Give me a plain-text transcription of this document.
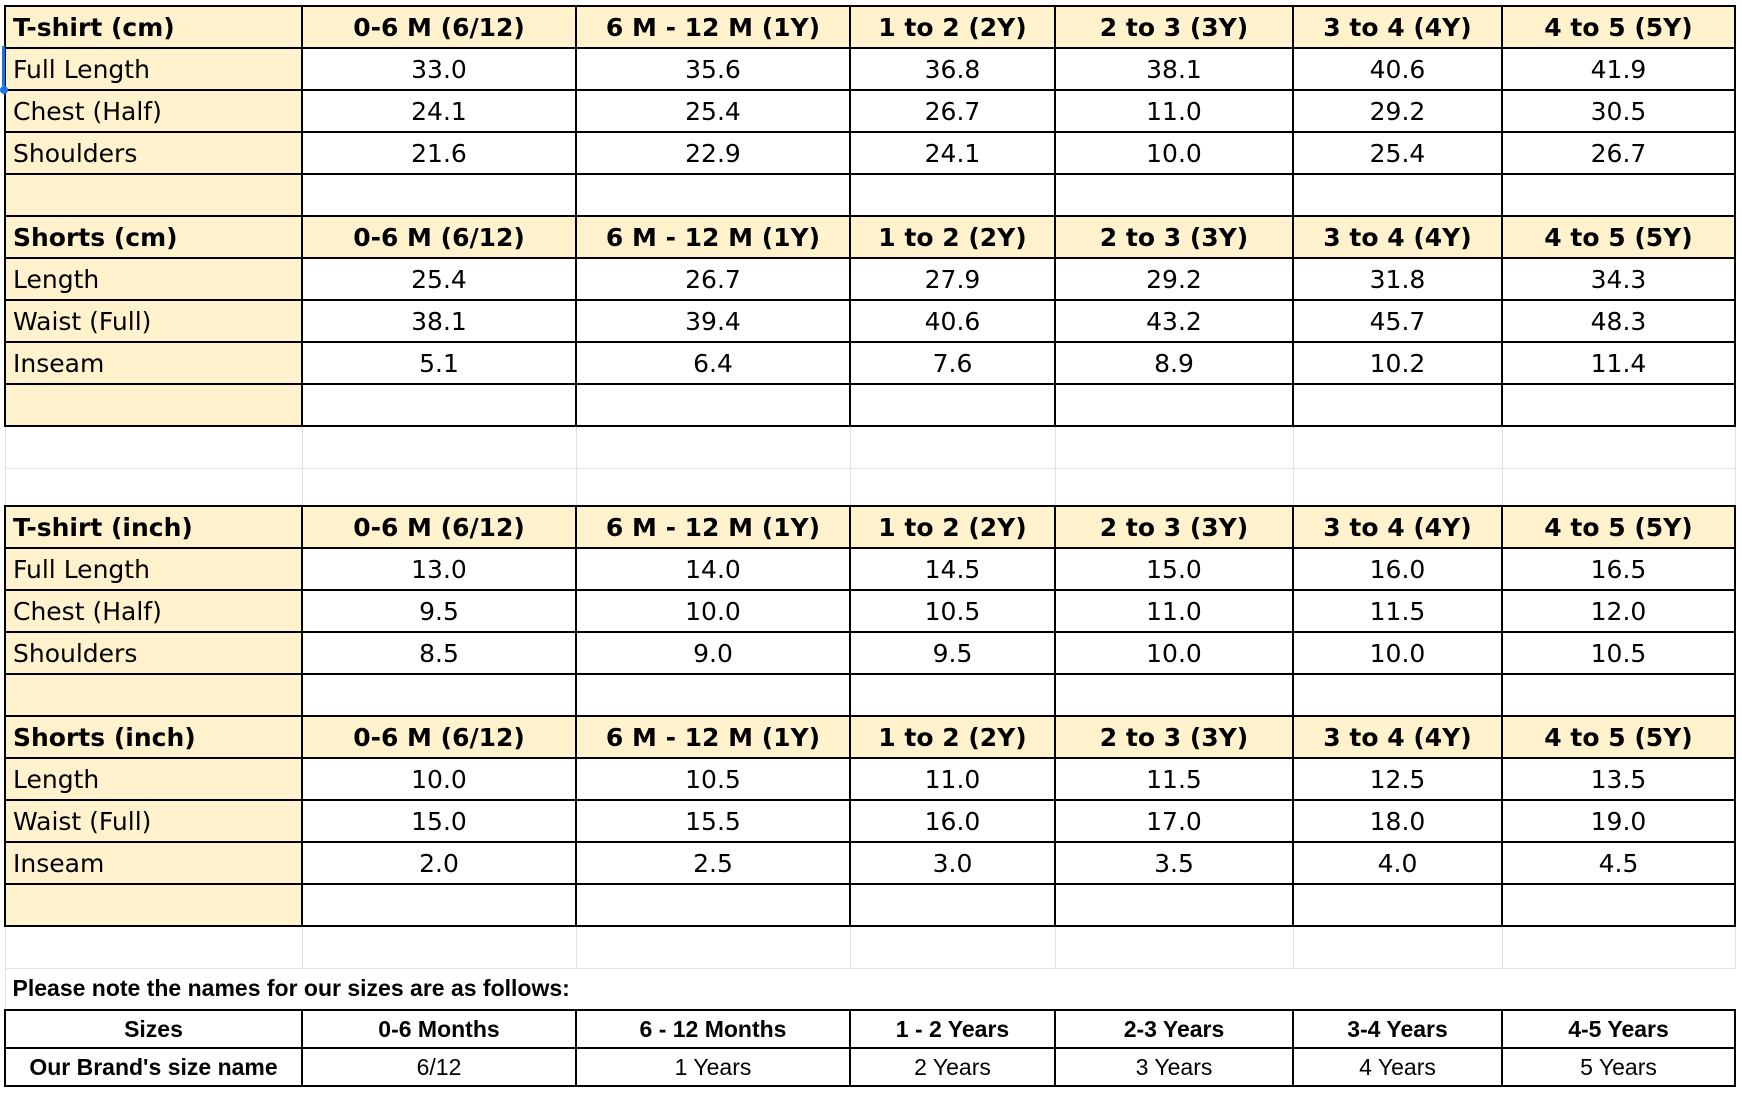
T-shirt (cm)	0-6 M (6/12)	6 M - 12 M (1Y)	1 to 2 (2Y)	2 to 3 (3Y)	3 to 4 (4Y)	4 to 5 (5Y)
Full Length	33.0	35.6	36.8	38.1	40.6	41.9
Chest (Half)	24.1	25.4	26.7	11.0	29.2	30.5
Shoulders	21.6	22.9	24.1	10.0	25.4	26.7

Shorts (cm)	0-6 M (6/12)	6 M - 12 M (1Y)	1 to 2 (2Y)	2 to 3 (3Y)	3 to 4 (4Y)	4 to 5 (5Y)
Length	25.4	26.7	27.9	29.2	31.8	34.3
Waist (Full)	38.1	39.4	40.6	43.2	45.7	48.3
Inseam	5.1	6.4	7.6	8.9	10.2	11.4

T-shirt (inch)	0-6 M (6/12)	6 M - 12 M (1Y)	1 to 2 (2Y)	2 to 3 (3Y)	3 to 4 (4Y)	4 to 5 (5Y)
Full Length	13.0	14.0	14.5	15.0	16.0	16.5
Chest (Half)	9.5	10.0	10.5	11.0	11.5	12.0
Shoulders	8.5	9.0	9.5	10.0	10.0	10.5

Shorts (inch)	0-6 M (6/12)	6 M - 12 M (1Y)	1 to 2 (2Y)	2 to 3 (3Y)	3 to 4 (4Y)	4 to 5 (5Y)
Length	10.0	10.5	11.0	11.5	12.5	13.5
Waist (Full)	15.0	15.5	16.0	17.0	18.0	19.0
Inseam	2.0	2.5	3.0	3.5	4.0	4.5

Please note the names for our sizes are as follows:						
Sizes	0-6 Months	6 - 12 Months	1 - 2 Years	2-3 Years	3-4 Years	4-5 Years
Our Brand's size name	6/12	1 Years	2 Years	3 Years	4 Years	5 Years
